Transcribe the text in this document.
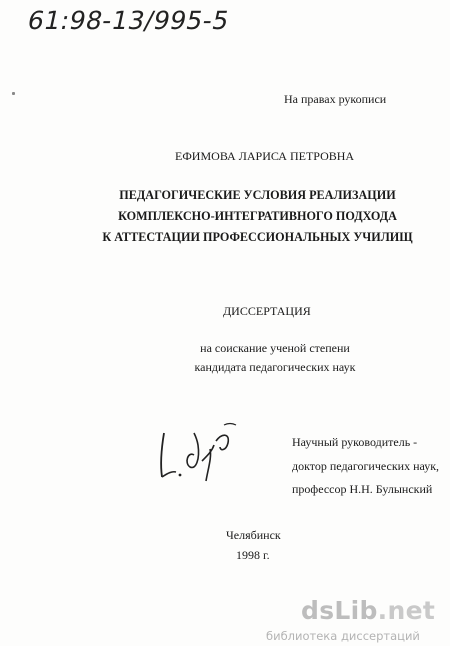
61:98-13/995-5
На правах рукописи
ЕФИМОВА ЛАРИСА ПЕТРОВНА
ПЕДАГОГИЧЕСКИЕ УСЛОВИЯ РЕАЛИЗАЦИИ
КОМПЛЕКСНО-ИНТЕГРАТИВНОГО ПОДХОДА
К АТТЕСТАЦИИ ПРОФЕССИОНАЛЬНЫХ УЧИЛИЩ
ДИССЕРТАЦИЯ
на соискание ученой степени
кандидата педагогических наук
Научный руководитель -
доктор педагогических наук,
профессор Н.Н. Булынский
Челябинск
1998 г.
dsLib.net
библиотека диссертаций
